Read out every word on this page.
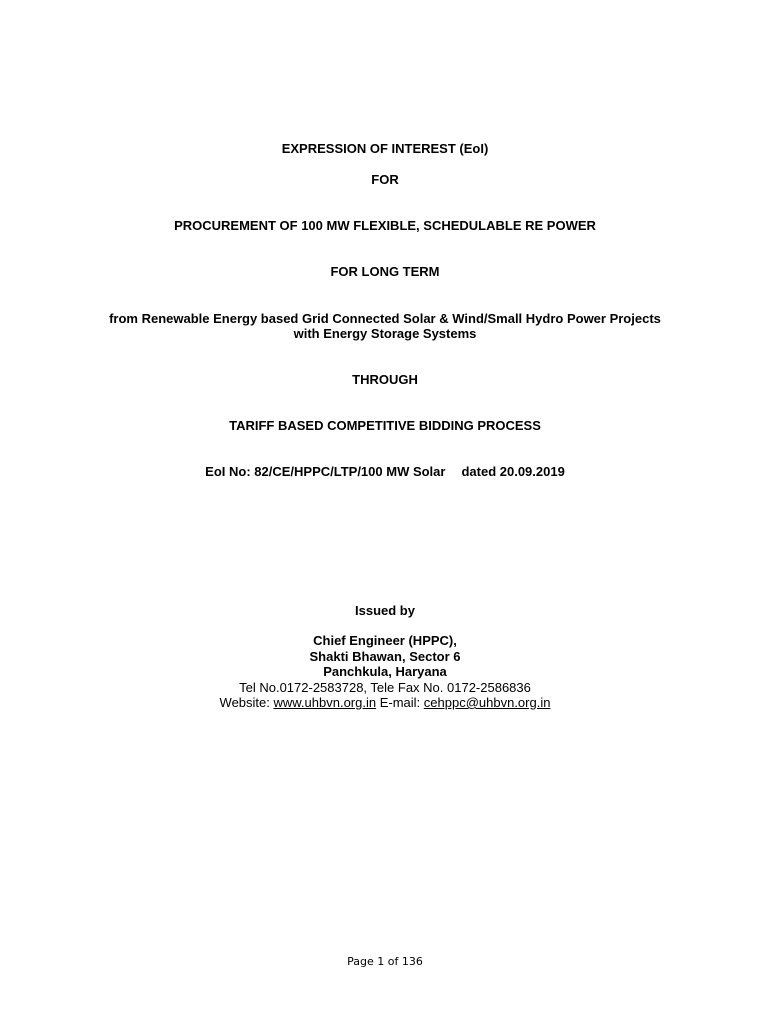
EXPRESSION OF INTEREST (EoI)
FOR
PROCUREMENT OF 100 MW FLEXIBLE, SCHEDULABLE RE POWER
FOR LONG TERM
from Renewable Energy based Grid Connected Solar & Wind/Small Hydro Power Projects
with Energy Storage Systems
THROUGH
TARIFF BASED COMPETITIVE BIDDING PROCESS
EoI No: 82/CE/HPPC/LTP/100 MW Solar dated 20.09.2019
Issued by
Chief Engineer (HPPC),
Shakti Bhawan, Sector 6
Panchkula, Haryana
Tel No.0172-2583728, Tele Fax No. 0172-2586836
Website: www.uhbvn.org.in E-mail: cehppc@uhbvn.org.in
Page 1 of 136
